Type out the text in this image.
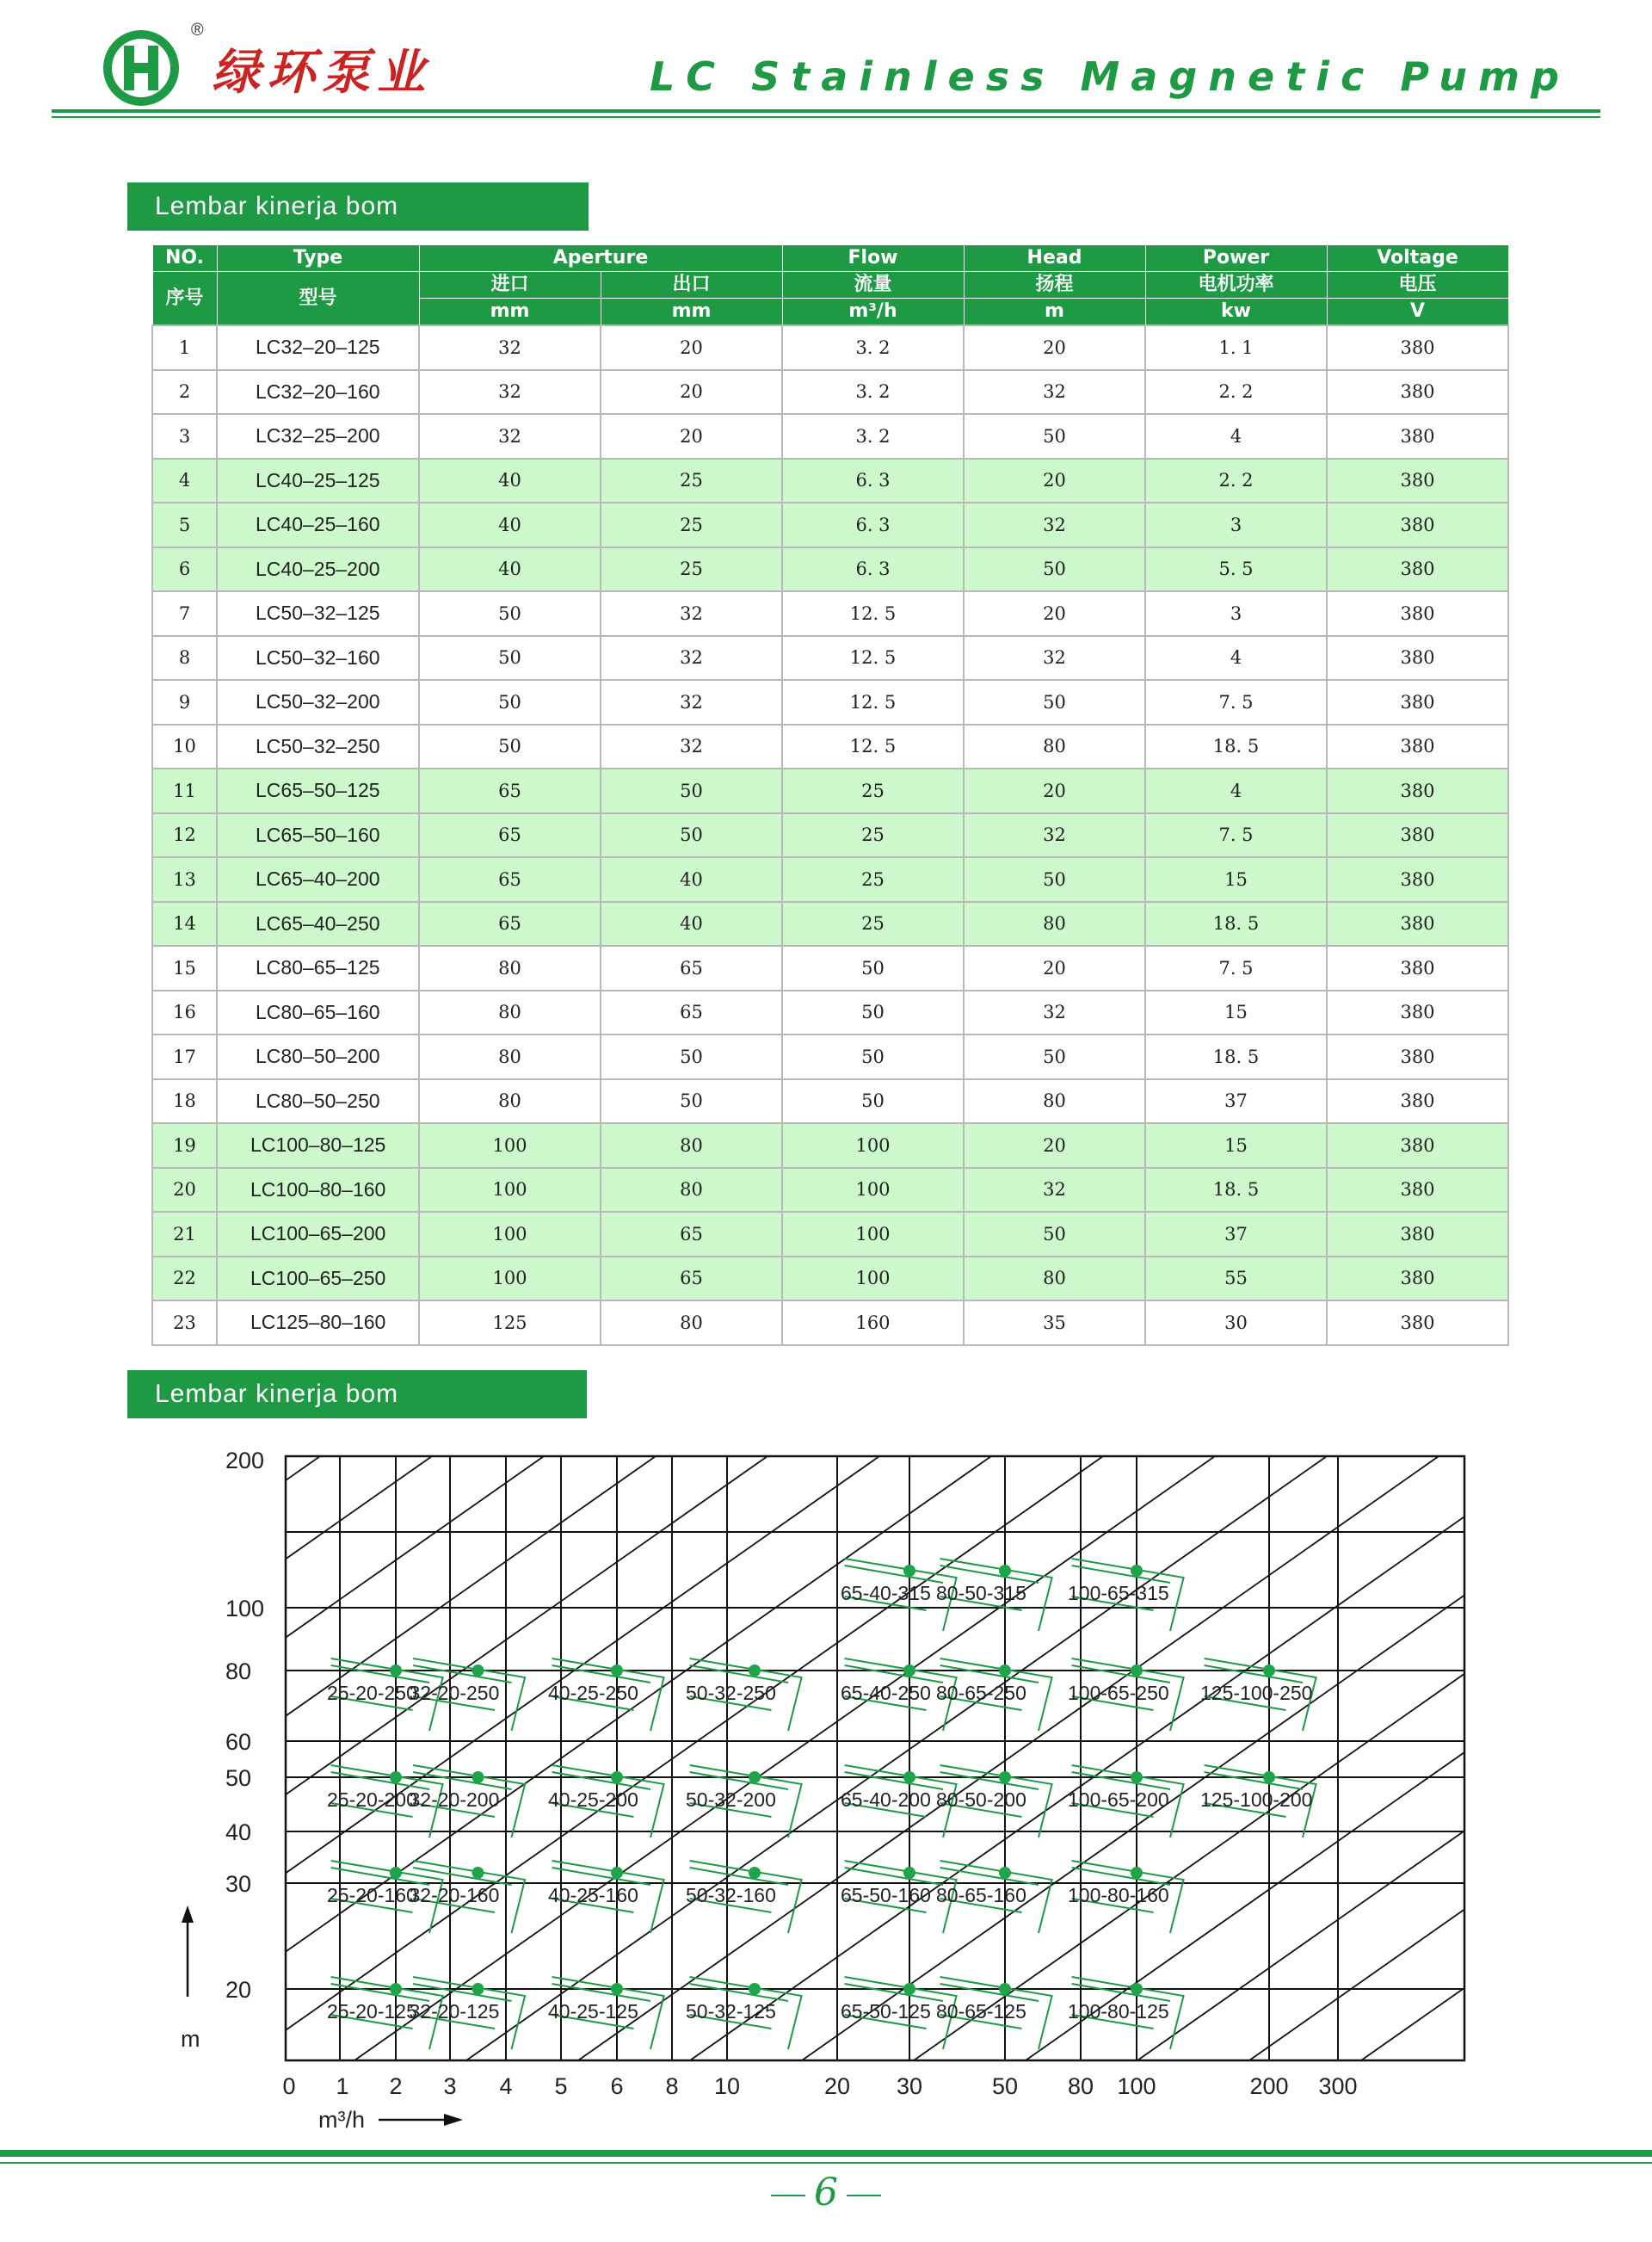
®
绿环泵业	LC Stainless Magnetic Pump
Lembar kinerja bom
NO.	Type	Aperture		Flow	Head	Power	Voltage
序号	型号	进口	出口	流量	扬程	电机功率	电压
		mm	mm	m³/h	m	kw	V
1	LC32–20–125	32	20	3. 2	20	1. 1	380
2	LC32–20–160	32	20	3. 2	32	2. 2	380
3	LC32–25–200	32	20	3. 2	50	4	380
4	LC40–25–125	40	25	6. 3	20	2. 2	380
5	LC40–25–160	40	25	6. 3	32	3	380
6	LC40–25–200	40	25	6. 3	50	5. 5	380
7	LC50–32–125	50	32	12. 5	20	3	380
8	LC50–32–160	50	32	12. 5	32	4	380
9	LC50–32–200	50	32	12. 5	50	7. 5	380
10	LC50–32–250	50	32	12. 5	80	18. 5	380
11	LC65–50–125	65	50	25	20	4	380
12	LC65–50–160	65	50	25	32	7. 5	380
13	LC65–40–200	65	40	25	50	15	380
14	LC65–40–250	65	40	25	80	18. 5	380
15	LC80–65–125	80	65	50	20	7. 5	380
16	LC80–65–160	80	65	50	32	15	380
17	LC80–50–200	80	50	50	50	18. 5	380
18	LC80–50–250	80	50	50	80	37	380
19	LC100–80–125	100	80	100	20	15	380
20	LC100–80–160	100	80	100	32	18. 5	380
21	LC100–65–200	100	65	100	50	37	380
22	LC100–65–250	100	65	100	80	55	380
23	LC125–80–160	125	80	160	35	30	380
Lembar kinerja bom
200
100
80
60
50
40
30
20
0 1 2 3 4 5 6 8 10	20 30	50 80 100	200 300
m
m³/h
65-40-315 80-50-315 100-65-315
25-20-250
32-20-250 40-25-250 50-32-250	65-40-250 80-65-250 100-65-250 125-100-250
25-20-200
32-20-200 40-25-200 50-32-200	65-40-200 80-50-200 100-65-200 125-100-200
25-20-160
32-20-160 40-25-160 50-32-160	65-50-160 80-65-160 100-80-160
25-20-125
32-20-125 40-25-125 50-32-125	65-50-125 80-65-125 100-80-125
6
